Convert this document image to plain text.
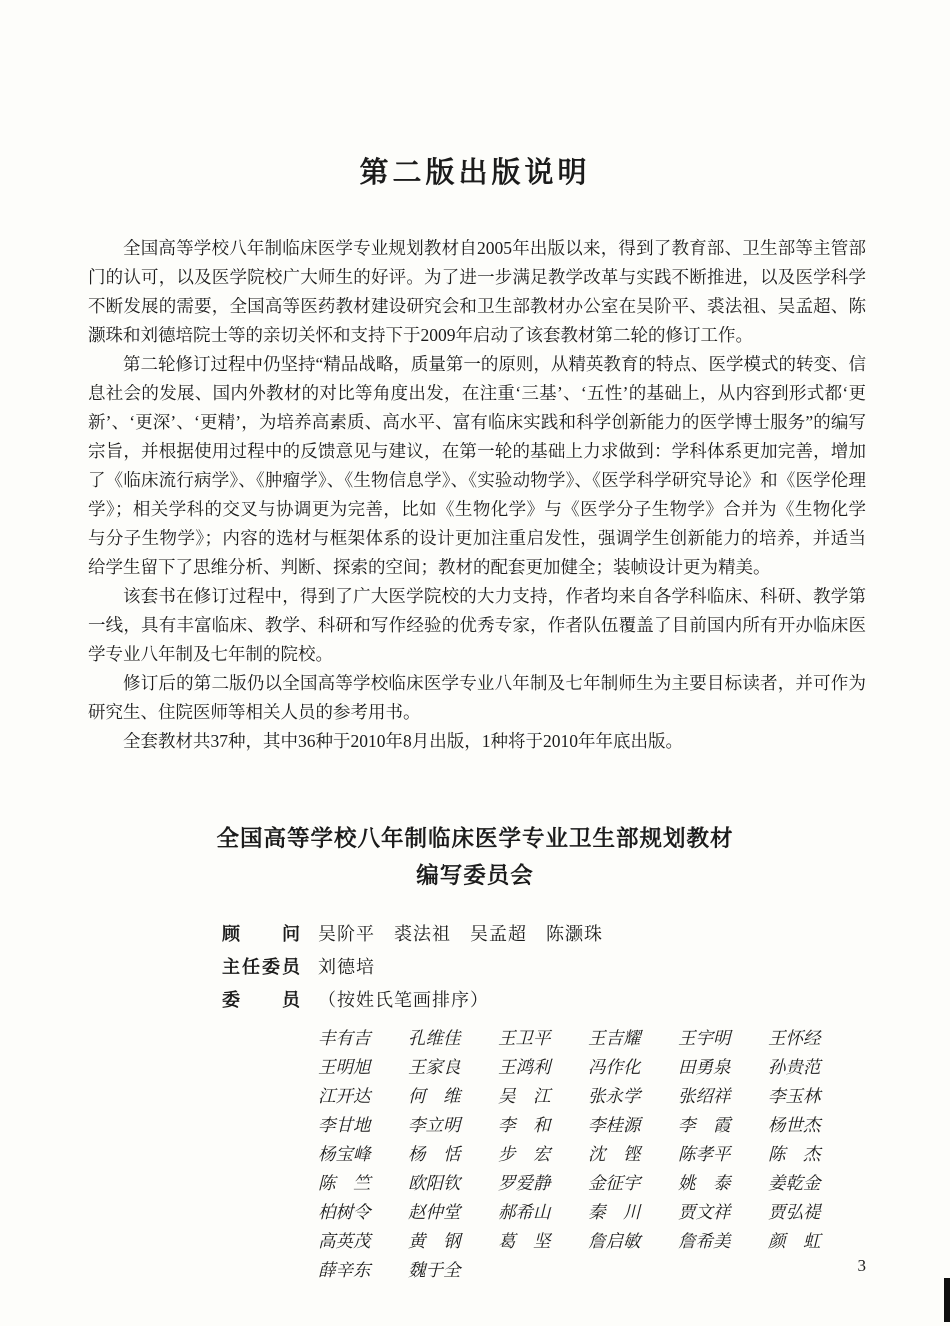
第二版出版说明

全国高等学校八年制临床医学专业规划教材自2005年出版以来，得到了教育部、卫生部等主管部门的认可，以及医学院校广大师生的好评。为了进一步满足教学改革与实践不断推进，以及医学科学不断发展的需要，全国高等医药教材建设研究会和卫生部教材办公室在吴阶平、裘法祖、吴孟超、陈灏珠和刘德培院士等的亲切关怀和支持下于2009年启动了该套教材第二轮的修订工作。

第二轮修订过程中仍坚持“精品战略，质量第一的原则，从精英教育的特点、医学模式的转变、信息社会的发展、国内外教材的对比等角度出发，在注重‘三基’、‘五性’的基础上，从内容到形式都‘更新’、‘更深’、‘更精’，为培养高素质、高水平、富有临床实践和科学创新能力的医学博士服务”的编写宗旨，并根据使用过程中的反馈意见与建议，在第一轮的基础上力求做到：学科体系更加完善，增加了《临床流行病学》、《肿瘤学》、《生物信息学》、《实验动物学》、《医学科学研究导论》和《医学伦理学》；相关学科的交叉与协调更为完善，比如《生物化学》与《医学分子生物学》合并为《生物化学与分子生物学》；内容的选材与框架体系的设计更加注重启发性，强调学生创新能力的培养，并适当给学生留下了思维分析、判断、探索的空间；教材的配套更加健全；装帧设计更为精美。

该套书在修订过程中，得到了广大医学院校的大力支持，作者均来自各学科临床、科研、教学第一线，具有丰富临床、教学、科研和写作经验的优秀专家，作者队伍覆盖了目前国内所有开办临床医学专业八年制及七年制的院校。

修订后的第二版仍以全国高等学校临床医学专业八年制及七年制师生为主要目标读者，并可作为研究生、住院医师等相关人员的参考用书。

全套教材共37种，其中36种于2010年8月出版，1种将于2010年年底出版。

全国高等学校八年制临床医学专业卫生部规划教材
编写委员会
顾问 吴阶平　裘法祖　吴孟超　陈灏珠
主任委员 刘德培
委员 （按姓氏笔画排序）
丰有吉	孔维佳	王卫平	王吉耀	王宇明	王怀经
王明旭	王家良	王鸿利	冯作化	田勇泉	孙贵范
江开达	何　维	吴　江	张永学	张绍祥	李玉林
李甘地	李立明	李　和	李桂源	李　霞	杨世杰
杨宝峰	杨　恬	步　宏	沈　铿	陈孝平	陈　杰
陈　竺	欧阳钦	罗爱静	金征宇	姚　泰	姜乾金
柏树令	赵仲堂	郝希山	秦　川	贾文祥	贾弘禔
高英茂	黄　钢	葛　坚	詹启敏	詹希美	颜　虹
薛辛东	魏于全	3
